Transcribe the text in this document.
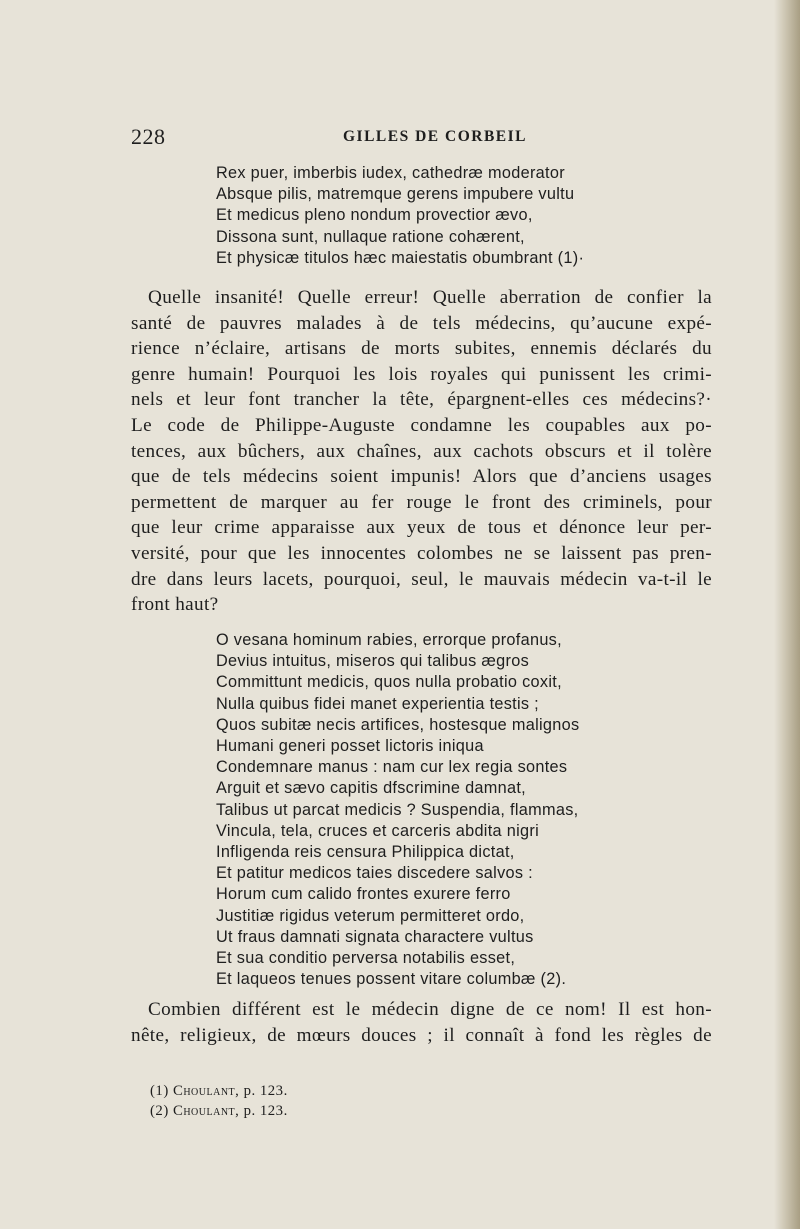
228	GILLES DE CORBEIL
Rex puer, imberbis iudex, cathedræ moderator
Absque pilis, matremque gerens impubere vultu
Et medicus pleno nondum provectior ævo,
Dissona sunt, nullaque ratione cohærent,
Et physicæ titulos hæc maiestatis obumbrant (1)·
Quelle insanité! Quelle erreur! Quelle aberration de confier la
santé de pauvres malades à de tels médecins, qu’aucune expé-
rience n’éclaire, artisans de morts subites, ennemis déclarés du
genre humain! Pourquoi les lois royales qui punissent les crimi-
nels et leur font trancher la tête, épargnent-elles ces médecins?·
Le code de Philippe-Auguste condamne les coupables aux po-
tences, aux bûchers, aux chaînes, aux cachots obscurs et il tolère
que de tels médecins soient impunis! Alors que d’anciens usages
permettent de marquer au fer rouge le front des criminels, pour
que leur crime apparaisse aux yeux de tous et dénonce leur per-
versité, pour que les innocentes colombes ne se laissent pas pren-
dre dans leurs lacets, pourquoi, seul, le mauvais médecin va-t-il le
front haut?
O vesana hominum rabies, errorque profanus,
Devius intuitus, miseros qui talibus ægros
Committunt medicis, quos nulla probatio coxit,
Nulla quibus fidei manet experientia testis ;
Quos subitæ necis artifices, hostesque malignos
Humani generi posset lictoris iniqua
Condemnare manus : nam cur lex regia sontes
Arguit et sævo capitis dfscrimine damnat,
Talibus ut parcat medicis ? Suspendia, flammas,
Vincula, tela, cruces et carceris abdita nigri
Infligenda reis censura Philippica dictat,
Et patitur medicos taies discedere salvos :
Horum cum calido frontes exurere ferro
Justitiæ rigidus veterum permitteret ordo,
Ut fraus damnati signata charactere vultus
Et sua conditio perversa notabilis esset,
Et laqueos tenues possent vitare columbæ (2).
Combien différent est le médecin digne de ce nom! Il est hon-
nête, religieux, de mœurs douces ; il connaît à fond les règles de
(1) Choulant, p. 123.
(2) Choulant, p. 123.
